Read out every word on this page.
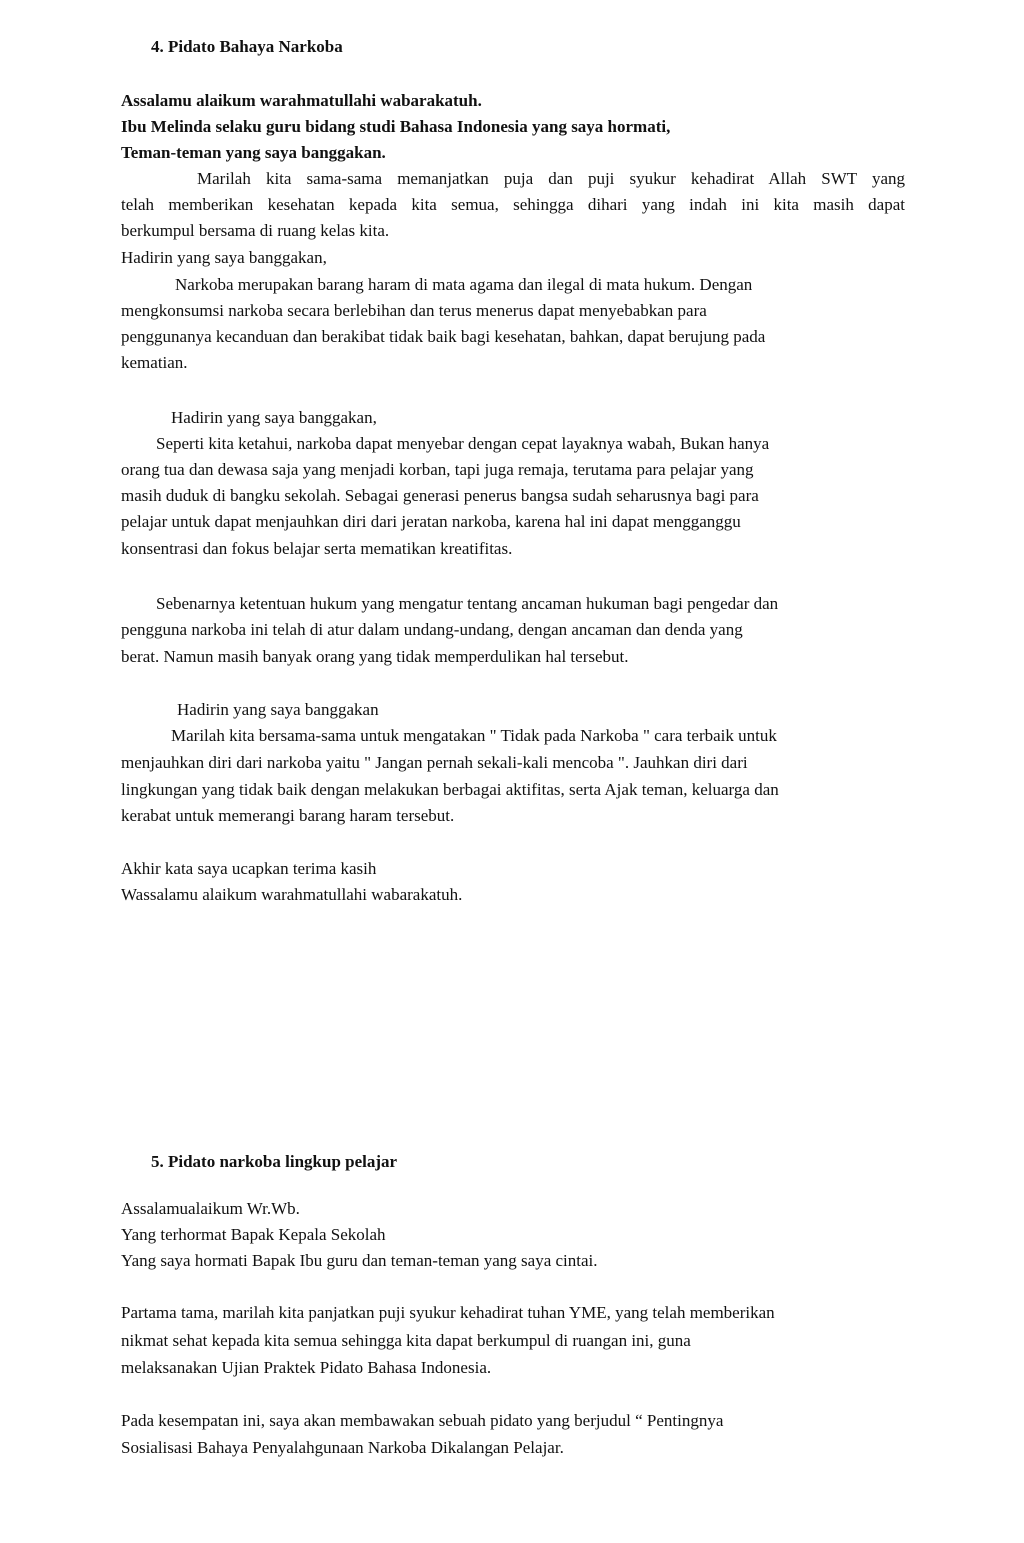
4. Pidato Bahaya Narkoba
Assalamu alaikum warahmatullahi wabarakatuh.
Ibu Melinda selaku guru bidang studi Bahasa Indonesia yang saya hormati,
Teman-teman yang saya banggakan.
Marilah kita sama-sama memanjatkan puja dan puji syukur kehadirat Allah SWT yang
telah memberikan kesehatan kepada kita semua, sehingga dihari yang indah ini kita masih dapat
berkumpul bersama di ruang kelas kita.
Hadirin yang saya banggakan,
Narkoba merupakan barang haram di mata agama dan ilegal di mata hukum. Dengan
mengkonsumsi narkoba secara berlebihan dan terus menerus dapat menyebabkan para
penggunanya kecanduan dan berakibat tidak baik bagi kesehatan, bahkan, dapat berujung pada
kematian.
Hadirin yang saya banggakan,
Seperti kita ketahui, narkoba dapat menyebar dengan cepat layaknya wabah, Bukan hanya
orang tua dan dewasa saja yang menjadi korban, tapi juga remaja, terutama para pelajar yang
masih duduk di bangku sekolah. Sebagai generasi penerus bangsa sudah seharusnya bagi para
pelajar untuk dapat menjauhkan diri dari jeratan narkoba, karena hal ini dapat mengganggu
konsentrasi dan fokus belajar serta mematikan kreatifitas.
Sebenarnya ketentuan hukum yang mengatur tentang ancaman hukuman bagi pengedar dan
pengguna narkoba ini telah di atur dalam undang-undang, dengan ancaman dan denda yang
berat. Namun masih banyak orang yang tidak memperdulikan hal tersebut.
Hadirin yang saya banggakan
Marilah kita bersama-sama untuk mengatakan " Tidak pada Narkoba " cara terbaik untuk
menjauhkan diri dari narkoba yaitu " Jangan pernah sekali-kali mencoba ". Jauhkan diri dari
lingkungan yang tidak baik dengan melakukan berbagai aktifitas, serta Ajak teman, keluarga dan
kerabat untuk memerangi barang haram tersebut.
Akhir kata saya ucapkan terima kasih
Wassalamu alaikum warahmatullahi wabarakatuh.
5. Pidato narkoba lingkup pelajar
Assalamualaikum Wr.Wb.
Yang terhormat Bapak Kepala Sekolah
Yang saya hormati Bapak Ibu guru dan teman-teman yang saya cintai.
Partama tama, marilah kita panjatkan puji syukur kehadirat tuhan YME, yang telah memberikan
nikmat sehat kepada kita semua sehingga kita dapat berkumpul di ruangan ini, guna
melaksanakan Ujian Praktek Pidato Bahasa Indonesia.
Pada kesempatan ini, saya akan membawakan sebuah pidato yang berjudul “ Pentingnya
Sosialisasi Bahaya Penyalahgunaan Narkoba Dikalangan Pelajar.
